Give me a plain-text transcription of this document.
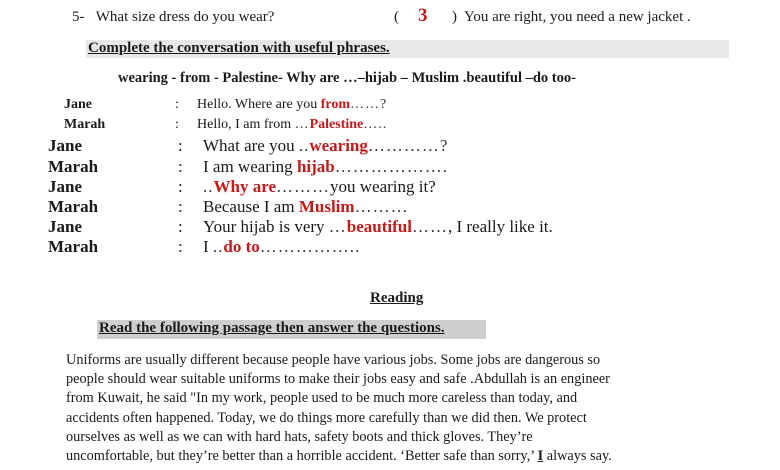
5- What size dress do you wear?	( 3 ) You are right, you need a new jacket .
Complete the conversation with useful phrases.
wearing - from - Palestine- Why are …–hijab – Muslim .beautiful –do too-
Jane	: Hello. Where are you from……?
Marah	: Hello, I am from …Palestine…..
Jane	: What are you ..wearing…………?
Marah	: I am wearing hijab……………….
Jane	: ..Why are………you wearing it?
Marah	: Because I am Muslim………
Jane	: Your hijab is very …beautiful……, I really like it.
Marah	: I ..do to……………..
Reading
Read the following passage then answer the questions.
Uniforms are usually different because people have various jobs. Some jobs are dangerous so
people should wear suitable uniforms to make their jobs easy and safe .Abdullah is an engineer
from Kuwait, he said "In my work, people used to be much more careless than today, and
accidents often happened. Today, we do things more carefully than we did then. We protect
ourselves as well as we can with hard hats, safety boots and thick gloves. They’re
uncomfortable, but they’re better than a horrible accident. ‘Better safe than sorry,’ I always say.
